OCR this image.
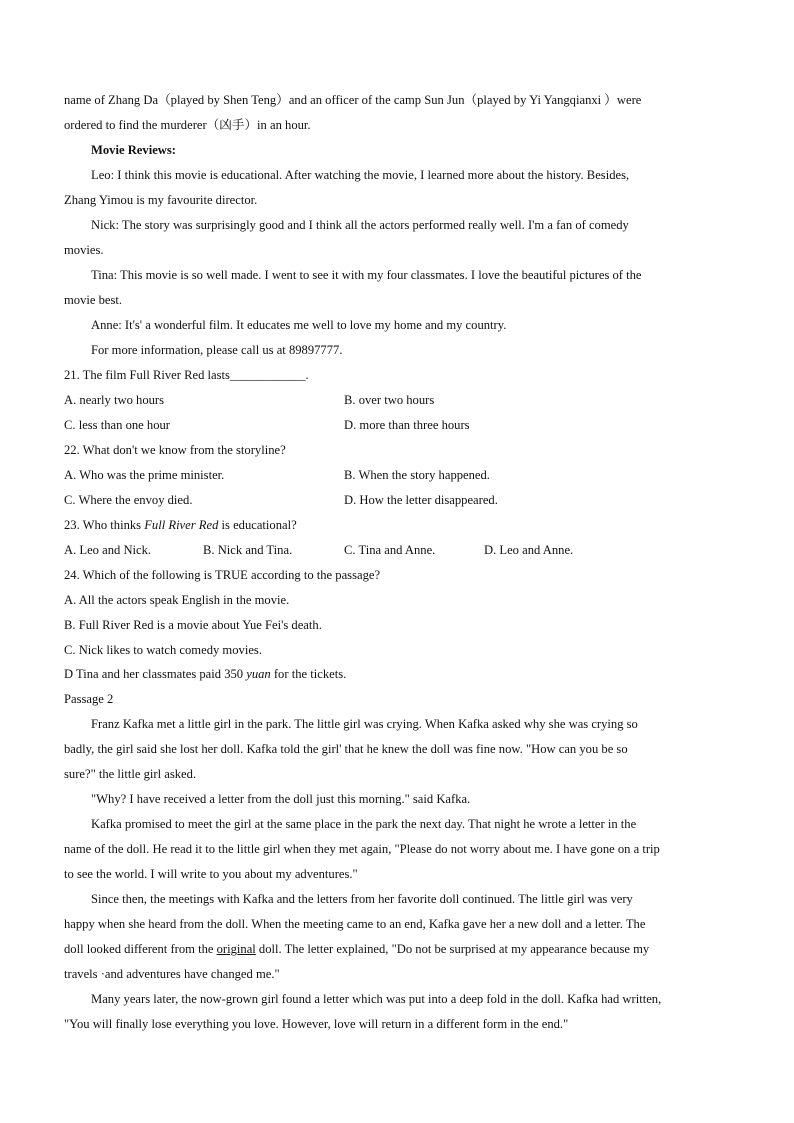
name of Zhang Da（played by Shen Teng）and an officer of the camp Sun Jun（played by Yi Yangqianxi ）were
ordered to find the murderer（凶手）in an hour.
Movie Reviews:
Leo: I think this movie is educational. After watching the movie, I learned more about the history. Besides,
Zhang Yimou is my favourite director.
Nick: The story was surprisingly good and I think all the actors performed really well. I'm a fan of comedy
movies.
Tina: This movie is so well made. I went to see it with my four classmates. I love the beautiful pictures of the
movie best.
Anne: It's' a wonderful film. It educates me well to love my home and my country.
For more information, please call us at 89897777.
21. The film Full River Red lasts____________.
A. nearly two hours	B. over two hours
C. less than one hour	D. more than three hours
22. What don't we know from the storyline?
A. Who was the prime minister.	B. When the story happened.
C. Where the envoy died.	D. How the letter disappeared.
23. Who thinks Full River Red is educational?
A. Leo and Nick.	B. Nick and Tina.	C. Tina and Anne.	D. Leo and Anne.
24. Which of the following is TRUE according to the passage?
A. All the actors speak English in the movie.
B. Full River Red is a movie about Yue Fei's death.
C. Nick likes to watch comedy movies.
D Tina and her classmates paid 350 yuan for the tickets.
Passage 2
Franz Kafka met a little girl in the park. The little girl was crying. When Kafka asked why she was crying so
badly, the girl said she lost her doll. Kafka told the girl' that he knew the doll was fine now. "How can you be so
sure?" the little girl asked.
"Why? I have received a letter from the doll just this morning." said Kafka.
Kafka promised to meet the girl at the same place in the park the next day. That night he wrote a letter in the
name of the doll. He read it to the little girl when they met again, "Please do not worry about me. I have gone on a trip
to see the world. I will write to you about my adventures."
Since then, the meetings with Kafka and the letters from her favorite doll continued. The little girl was very
happy when she heard from the doll. When the meeting came to an end, Kafka gave her a new doll and a letter. The
doll looked different from the original doll. The letter explained, "Do not be surprised at my appearance because my
travels ·and adventures have changed me."
Many years later, the now-grown girl found a letter which was put into a deep fold in the doll. Kafka had written,
"You will finally lose everything you love. However, love will return in a different form in the end."
